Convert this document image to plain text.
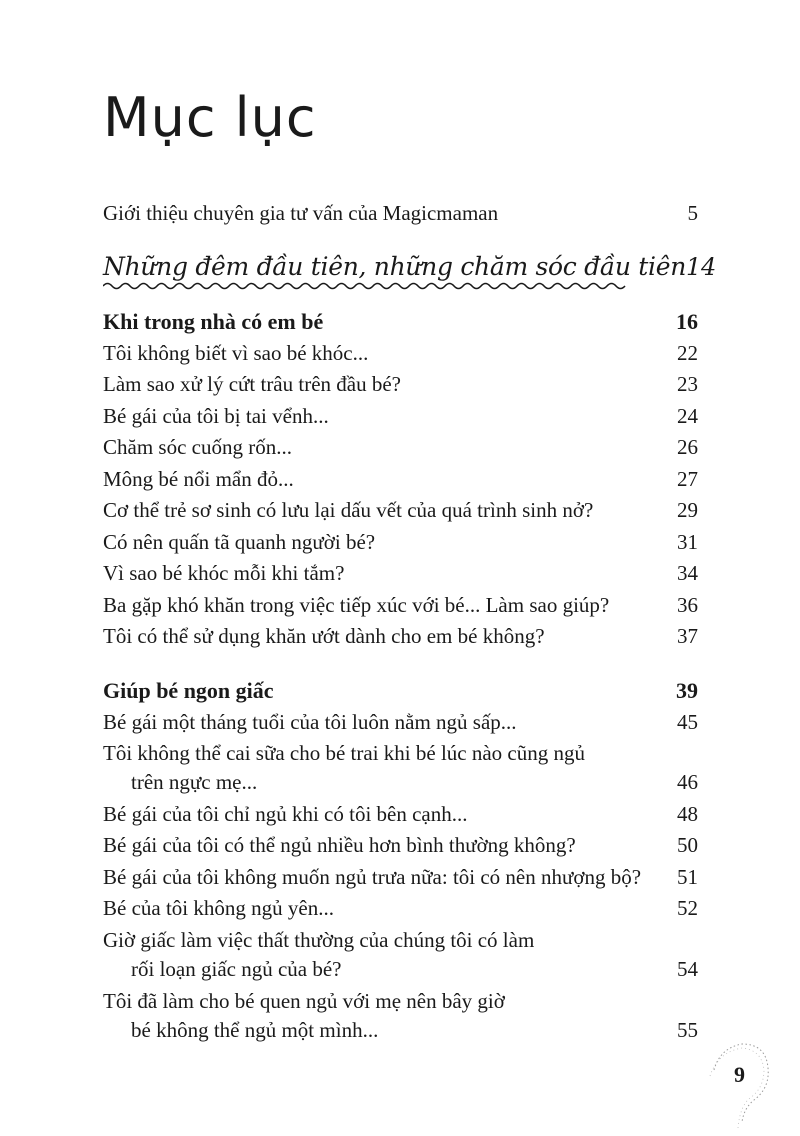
Mục lục
Giới thiệu chuyên gia tư vấn của Magicmaman	5
Những đêm đầu tiên, những chăm sóc đầu tiên 14
Khi trong nhà có em bé	16
Tôi không biết vì sao bé khóc...	22
Làm sao xử lý cứt trâu trên đầu bé?	23
Bé gái của tôi bị tai vểnh...	24
Chăm sóc cuống rốn...	26
Mông bé nổi mẩn đỏ...	27
Cơ thể trẻ sơ sinh có lưu lại dấu vết của quá trình sinh nở?	29
Có nên quấn tã quanh người bé?	31
Vì sao bé khóc mỗi khi tắm?	34
Ba gặp khó khăn trong việc tiếp xúc với bé... Làm sao giúp?	36
Tôi có thể sử dụng khăn ướt dành cho em bé không?	37
Giúp bé ngon giấc	39
Bé gái một tháng tuổi của tôi luôn nằm ngủ sấp...	45
Tôi không thể cai sữa cho bé trai khi bé lúc nào cũng ngủ
trên ngực mẹ...	46
Bé gái của tôi chỉ ngủ khi có tôi bên cạnh...	48
Bé gái của tôi có thể ngủ nhiều hơn bình thường không?	50
Bé gái của tôi không muốn ngủ trưa nữa: tôi có nên nhượng bộ? 51
Bé của tôi không ngủ yên...	52
Giờ giấc làm việc thất thường của chúng tôi có làm
rối loạn giấc ngủ của bé?	54
Tôi đã làm cho bé quen ngủ với mẹ nên bây giờ
bé không thể ngủ một mình...	55
9
